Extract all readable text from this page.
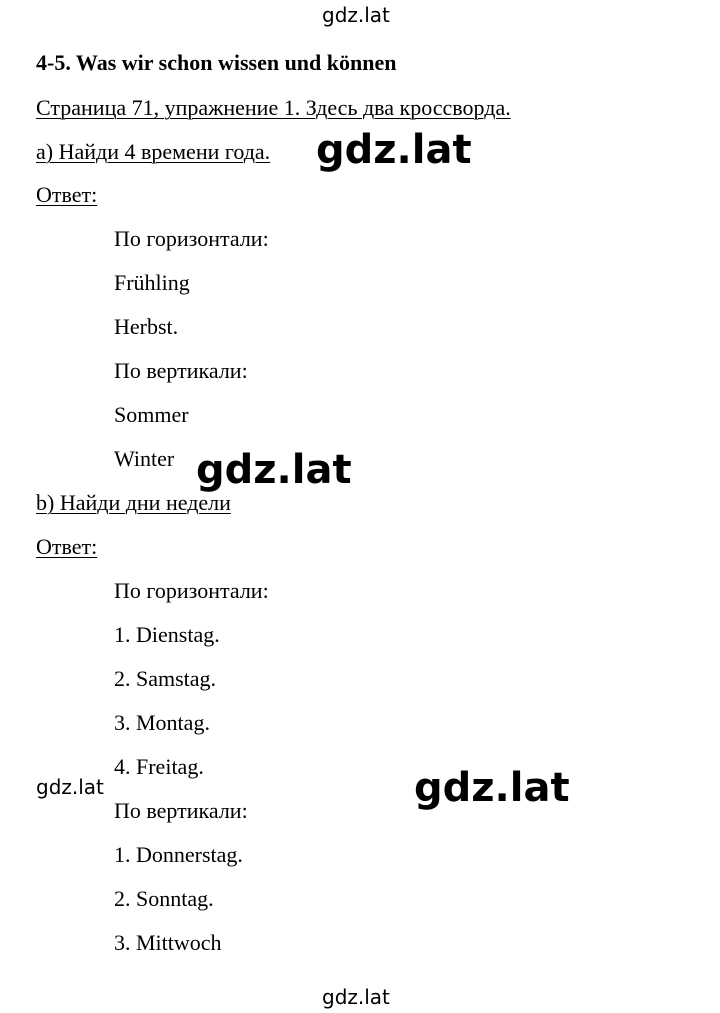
gdz.lat
gdz.lat
gdz.lat
gdz.lat	gdz.lat
gdz.lat
4-5. Was wir schon wissen und können
Страница 71, упражнение 1. Здесь два кроссворда.
а) Найди 4 времени года.
Ответ:
По горизонтали:
Frühling
Herbst.
По вертикали:
Sommer
Winter
b) Найди дни недели
Ответ:
По горизонтали:
1. Dienstag.
2. Samstag.
3. Montag.
4. Freitag.
По вертикали:
1. Donnerstag.
2. Sonntag.
3. Mittwoch
